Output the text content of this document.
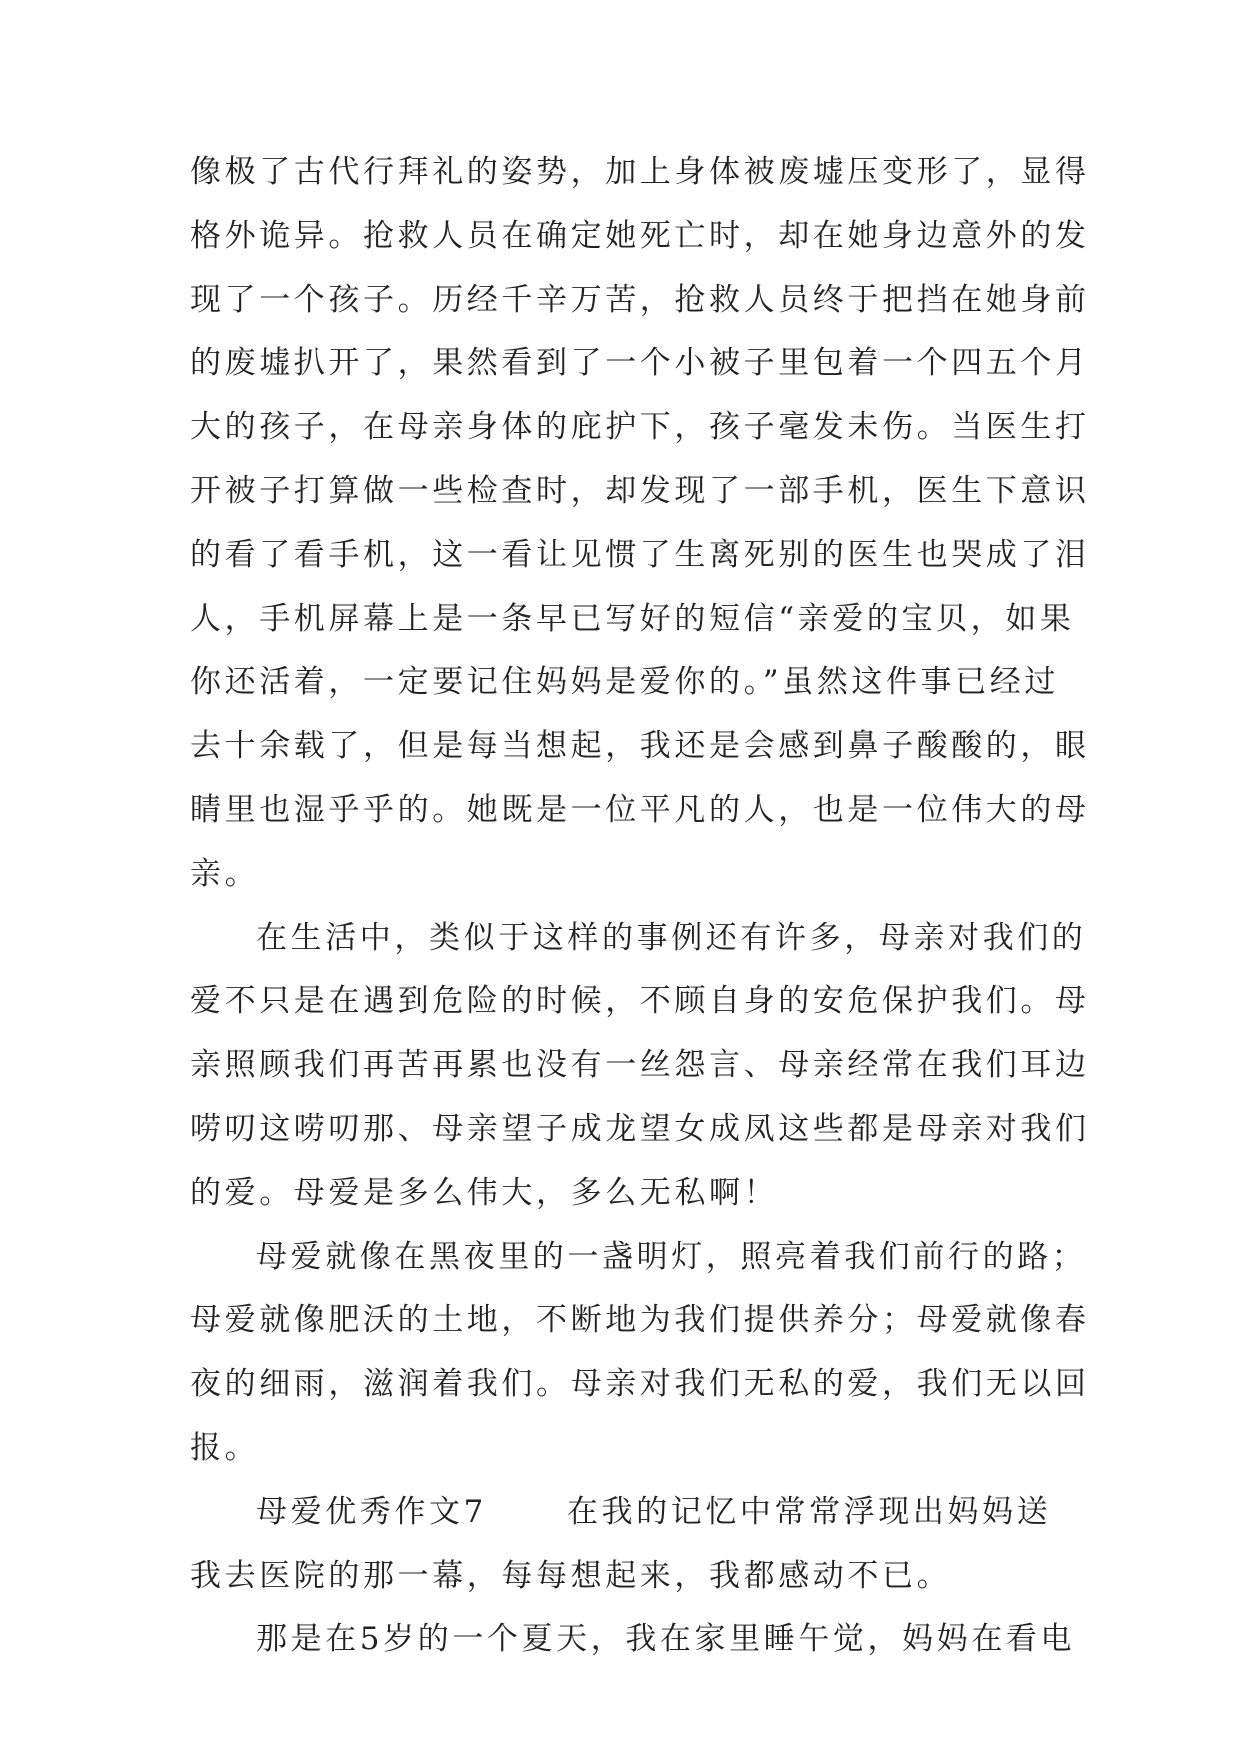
像极了古代行拜礼的姿势，加上身体被废墟压变形了，显得
格外诡异。抢救人员在确定她死亡时，却在她身边意外的发
现了一个孩子。历经千辛万苦，抢救人员终于把挡在她身前
的废墟扒开了，果然看到了一个小被子里包着一个四五个月
大的孩子，在母亲身体的庇护下，孩子毫发未伤。当医生打
开被子打算做一些检查时，却发现了一部手机，医生下意识
的看了看手机，这一看让见惯了生离死别的医生也哭成了泪
人，手机屏幕上是一条早已写好的短信“亲爱的宝贝，如果
你还活着，一定要记住妈妈是爱你的。”虽然这件事已经过
去十余载了，但是每当想起，我还是会感到鼻子酸酸的，眼
睛里也湿乎乎的。她既是一位平凡的人，也是一位伟大的母
亲。
在生活中，类似于这样的事例还有许多，母亲对我们的
爱不只是在遇到危险的时候，不顾自身的安危保护我们。母
亲照顾我们再苦再累也没有一丝怨言、母亲经常在我们耳边
唠叨这唠叨那、母亲望子成龙望女成凤这些都是母亲对我们
的爱。母爱是多么伟大，多么无私啊！
母爱就像在黑夜里的一盏明灯，照亮着我们前行的路；
母爱就像肥沃的土地，不断地为我们提供养分；母爱就像春
夜的细雨，滋润着我们。母亲对我们无私的爱，我们无以回
报。
母爱优秀作文7	在我的记忆中常常浮现出妈妈送
我去医院的那一幕，每每想起来，我都感动不已。
那是在5岁的一个夏天，我在家里睡午觉，妈妈在看电
